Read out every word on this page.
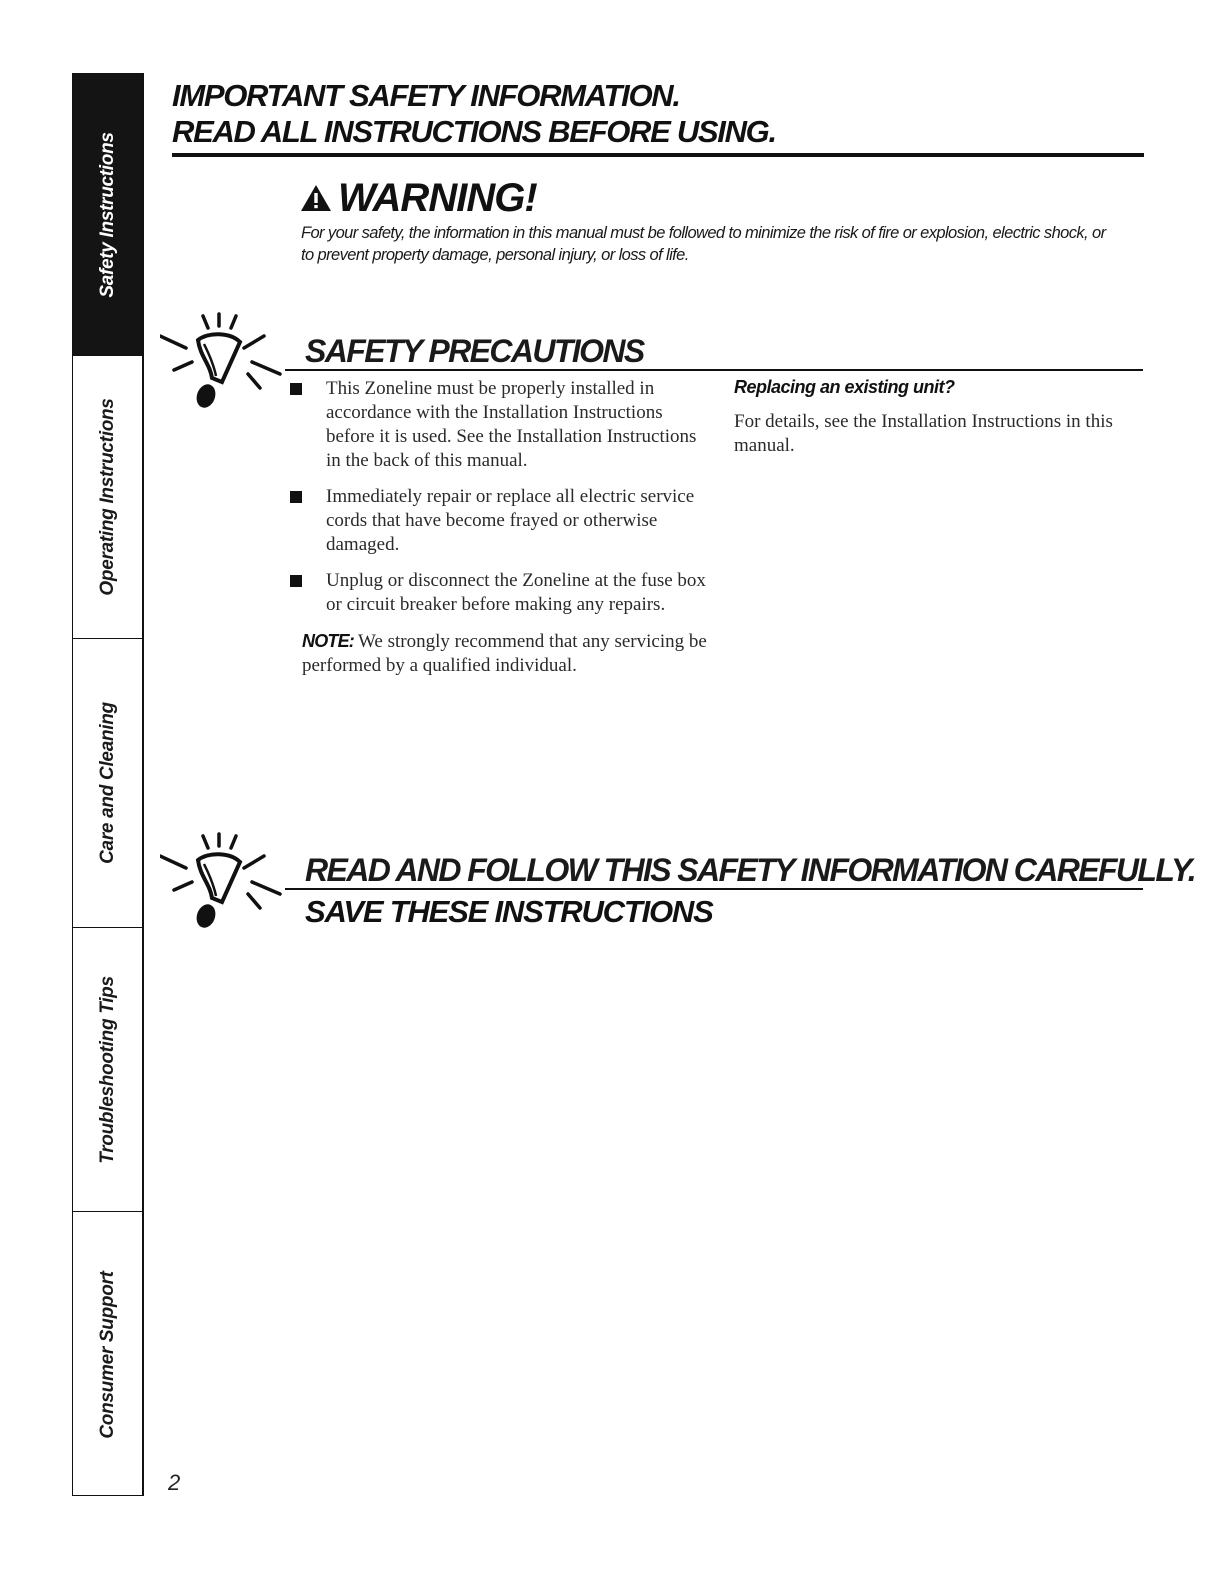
Safety Instructions
Operating Instructions
Care and Cleaning
Troubleshooting Tips
Consumer Support
IMPORTANT SAFETY INFORMATION.
READ ALL INSTRUCTIONS BEFORE USING.
WARNING!

For your safety, the information in this manual must be followed to minimize the risk of fire or explosion, electric shock, or to prevent property damage, personal injury, or loss of life.

SAFETY PRECAUTIONS
This Zoneline must be properly installed in accordance with the Installation Instructions before it is used. See the Installation Instructions in the back of this manual.
Immediately repair or replace all electric service cords that have become frayed or otherwise damaged.
Unplug or disconnect the Zoneline at the fuse box or circuit breaker before making any repairs.

NOTE: We strongly recommend that any servicing be performed by a qualified individual.

Replacing an existing unit?

For details, see the Installation Instructions in this manual.

READ AND FOLLOW THIS SAFETY INFORMATION CAREFULLY.
SAVE THESE INSTRUCTIONS
2
